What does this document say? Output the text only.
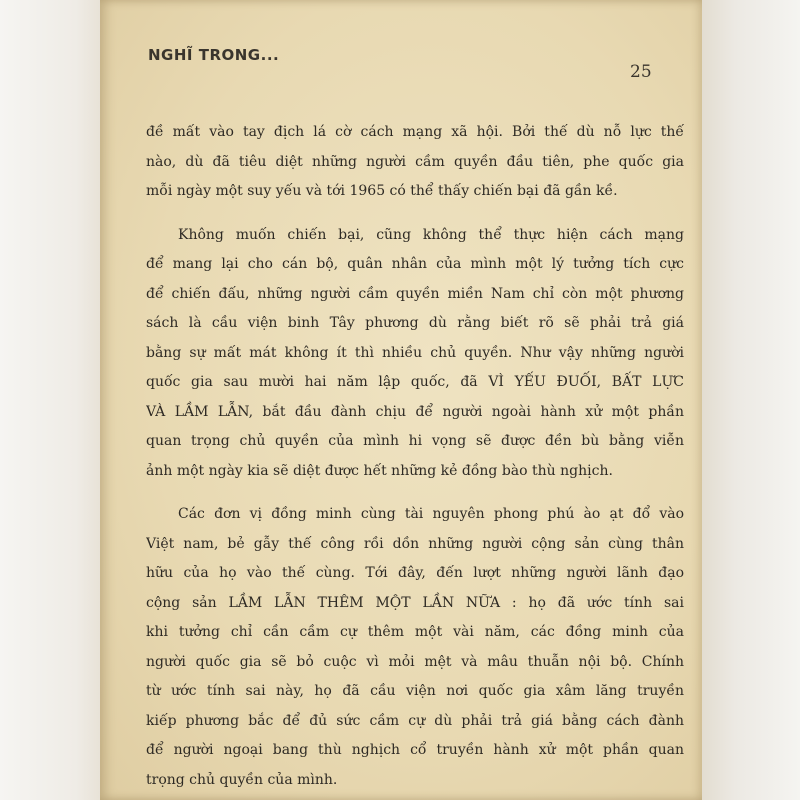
NGHĨ TRONG...
25
đề mất vào tay địch lá cờ cách mạng xã hội. Bởi thế dù nỗ lực thế
nào, dù đã tiêu diệt những người cầm quyền đầu tiên, phe quốc gia
mỗi ngày một suy yếu và tới 1965 có thể thấy chiến bại đã gần kề.
Không muốn chiến bại, cũng không thể thực hiện cách mạng
để mang lại cho cán bộ, quân nhân của mình một lý tưởng tích cực
để chiến đấu, những người cầm quyền miền Nam chỉ còn một phương
sách là cầu viện binh Tây phương dù rằng biết rõ sẽ phải trả giá
bằng sự mất mát không ít thì nhiều chủ quyền. Như vậy những người
quốc gia sau mười hai năm lập quốc, đã VÌ YẾU ĐUỐI, BẤT LỰC
VÀ LẦM LẪN, bắt đầu đành chịu để người ngoài hành xử một phần
quan trọng chủ quyền của mình hi vọng sẽ được đền bù bằng viễn
ảnh một ngày kia sẽ diệt được hết những kẻ đồng bào thù nghịch.
Các đơn vị đồng minh cùng tài nguyên phong phú ào ạt đổ vào
Việt nam, bẻ gẫy thế công rồi dồn những người cộng sản cùng thân
hữu của họ vào thế cùng. Tới đây, đến lượt những người lãnh đạo
cộng sản LẦM LẪN THÊM MỘT LẦN NỮA : họ đã ước tính sai
khi tưởng chỉ cần cầm cự thêm một vài năm, các đồng minh của
người quốc gia sẽ bỏ cuộc vì mỏi mệt và mâu thuẫn nội bộ. Chính
từ ước tính sai này, họ đã cầu viện nơi quốc gia xâm lăng truyền
kiếp phương bắc để đủ sức cầm cự dù phải trả giá bằng cách đành
để người ngoại bang thù nghịch cổ truyền hành xử một phần quan
trọng chủ quyền của mình.
